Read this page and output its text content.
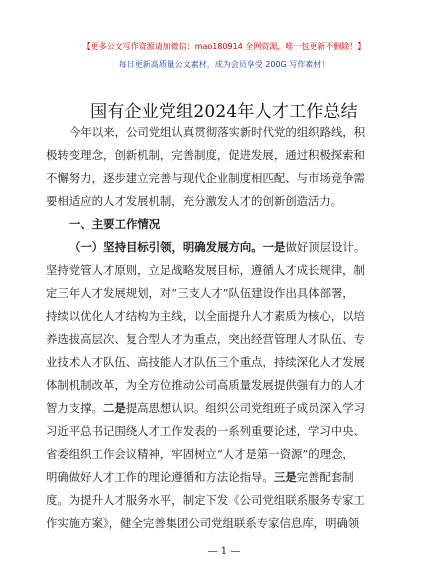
【更多公文写作资源请加微信：mao180914 全网资源，唯一包更新不删除！】
每日更新高质量公文素材，成为会员享受 200G 写作素材！
国有企业党组2024年人才工作总结
今年以来，公司党组认真贯彻落实新时代党的组织路线，积
极转变理念，创新机制，完善制度，促进发展，通过积极探索和
不懈努力，逐步建立完善与现代企业制度相匹配、与市场竞争需
要相适应的人才发展机制，充分激发人才的创新创造活力。
一、主要工作情况
（一）坚持目标引领，明确发展方向。一是做好顶层设计。
坚持党管人才原则，立足战略发展目标，遵循人才成长规律，制
定三年人才发展规划，对“三支人才”队伍建设作出具体部署，
持续以优化人才结构为主线，以全面提升人才素质为核心，以培
养选拔高层次、复合型人才为重点，突出经营管理人才队伍、专
业技术人才队伍、高技能人才队伍三个重点，持续深化人才发展
体制机制改革，为全方位推动公司高质量发展提供强有力的人才
智力支撑。二是提高思想认识。组织公司党组班子成员深入学习
习近平总书记围绕人才工作发表的一系列重要论述，学习中央、
省委组织工作会议精神，牢固树立“人才是第一资源”的理念，
明确做好人才工作的理论遵循和方法论指导。三是完善配套制
度。为提升人才服务水平，制定下发《公司党组联系服务专家工
作实施方案》，健全完善集团公司党组联系专家信息库，明确领
— 1 —
